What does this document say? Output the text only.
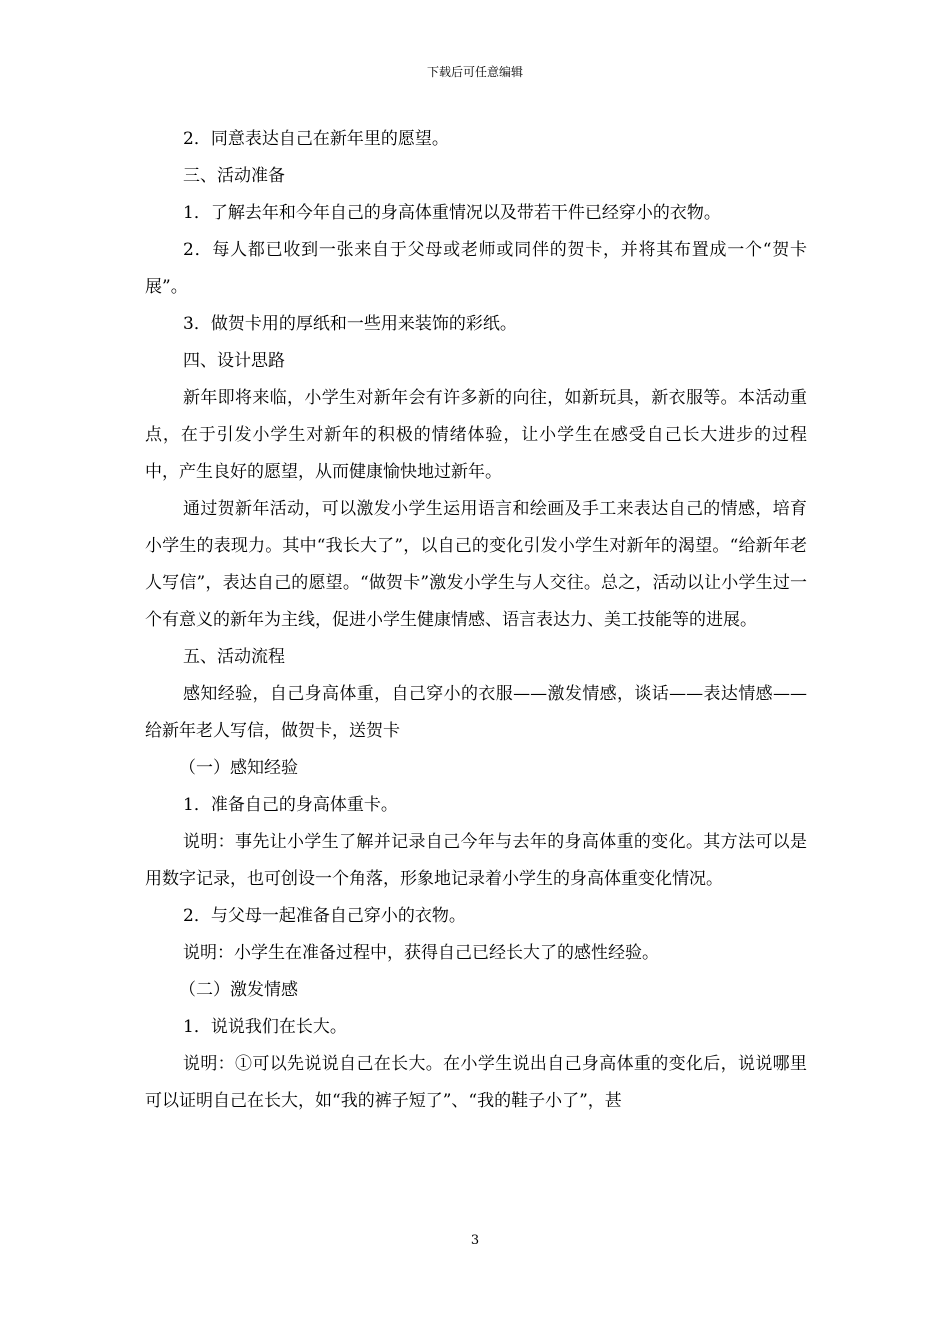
下载后可任意编辑

2．同意表达自己在新年里的愿望。

三、活动准备

1．了解去年和今年自己的身高体重情况以及带若干件已经穿小的衣物。

2．每人都已收到一张来自于父母或老师或同伴的贺卡，并将其布置成一个“贺卡展”。

3．做贺卡用的厚纸和一些用来装饰的彩纸。

四、设计思路

新年即将来临，小学生对新年会有许多新的向往，如新玩具，新衣服等。本活动重点，在于引发小学生对新年的积极的情绪体验，让小学生在感受自己长大进步的过程中，产生良好的愿望，从而健康愉快地过新年。

通过贺新年活动，可以激发小学生运用语言和绘画及手工来表达自己的情感，培育小学生的表现力。其中“我长大了”，以自己的变化引发小学生对新年的渴望。“给新年老人写信”，表达自己的愿望。“做贺卡”激发小学生与人交往。总之，活动以让小学生过一个有意义的新年为主线，促进小学生健康情感、语言表达力、美工技能等的进展。

五、活动流程

感知经验，自己身高体重，自己穿小的衣服——激发情感，谈话——表达情感——给新年老人写信，做贺卡，送贺卡

（一）感知经验

1．准备自己的身高体重卡。

说明：事先让小学生了解并记录自己今年与去年的身高体重的变化。其方法可以是用数字记录，也可创设一个角落，形象地记录着小学生的身高体重变化情况。

2．与父母一起准备自己穿小的衣物。

说明：小学生在准备过程中，获得自己已经长大了的感性经验。

（二）激发情感

1．说说我们在长大。

说明：①可以先说说自己在长大。在小学生说出自己身高体重的变化后，说说哪里可以证明自己在长大，如“我的裤子短了”、“我的鞋子小了”，甚

3
